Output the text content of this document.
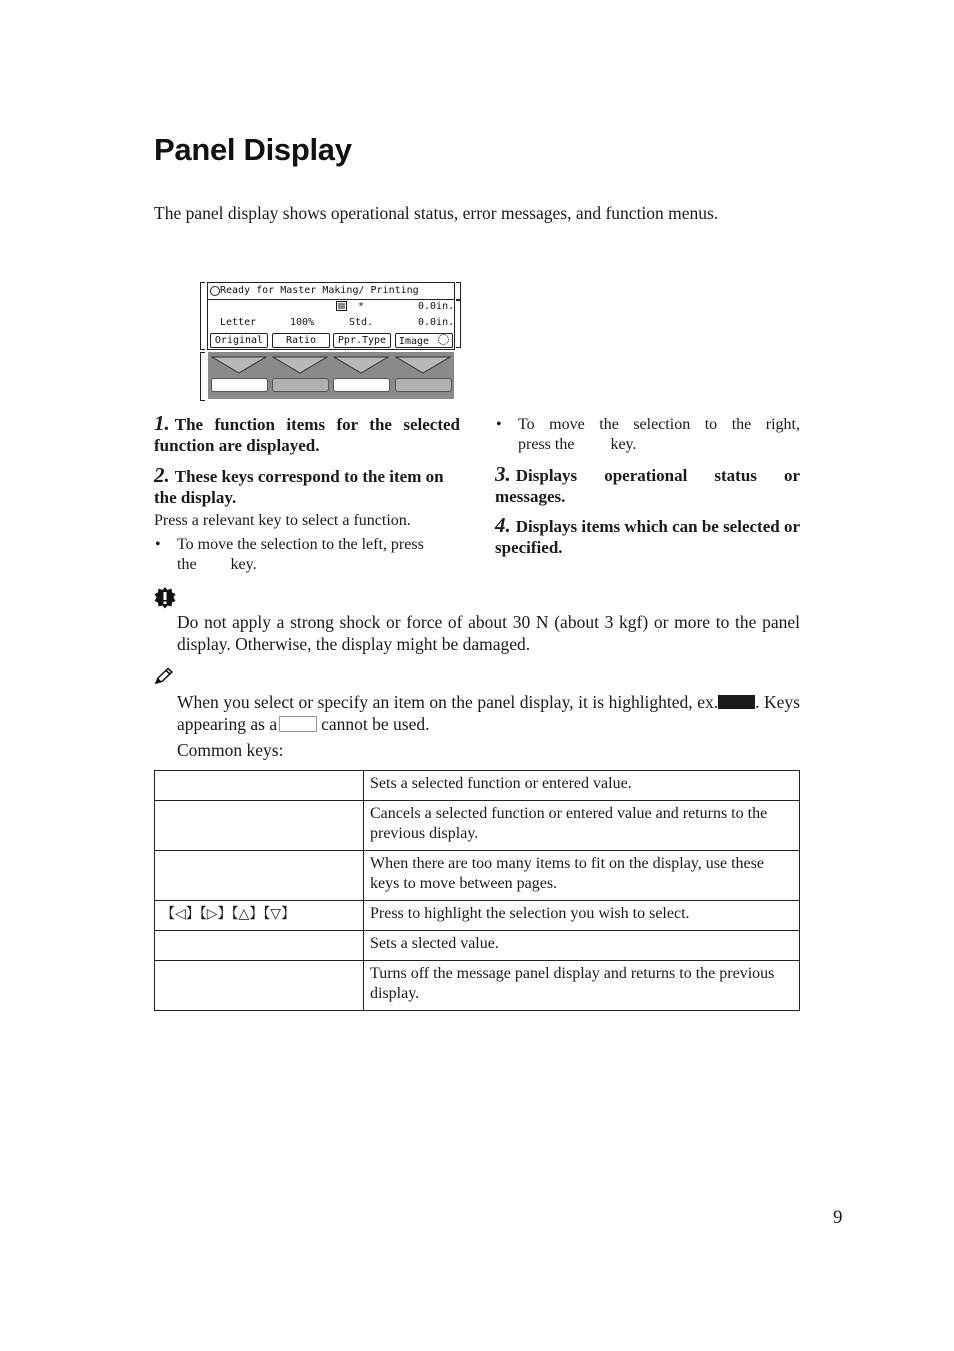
Panel Display

The panel display shows operational status, error messages, and function menus.

Ready for Master Making/ Printing
*	0.0in.
Letter	100%	Std.	0.0in.
Original	Ratio	Ppr.Type	Image
1. The function items for the selected function are displayed.
2. These keys correspond to the item on the display.

Press a relevant key to select a function.

• To move the selection to the left, press
the key.
• To move the selection to the right,
press the key.
3. Displays operational status or messages.
4. Displays items which can be selected or specified.

Do not apply a strong shock or force of about 30 N (about 3 kgf) or more to the panel display. Otherwise, the display might be damaged.

When you select or specify an item on the panel display, it is highlighted, ex. . Keys appearing as a	cannot be used.

Common keys:

	Sets a selected function or entered value.
	Cancels a selected function or entered value and returns to the previous display.
	When there are too many items to fit on the display, use these keys to move between pages.
【◁】【▷】【△】【▽】	Press to highlight the selection you wish to select.
	Sets a slected value.
	Turns off the message panel display and returns to the previous display.
9
